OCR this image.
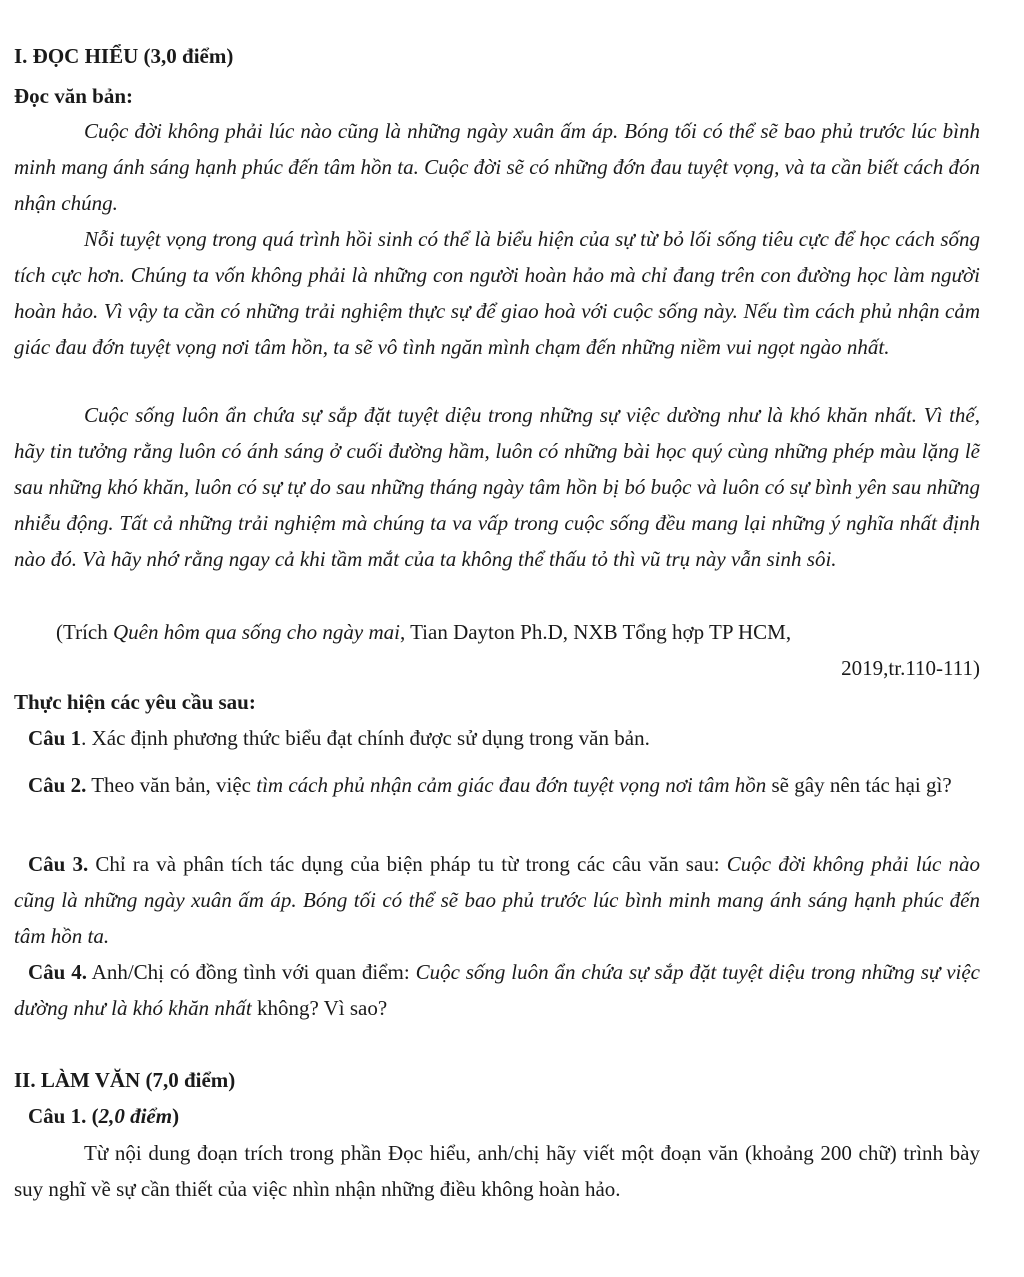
I. ĐỌC HIỂU (3,0 điểm)
Đọc văn bản:

Cuộc đời không phải lúc nào cũng là những ngày xuân ấm áp. Bóng tối có thể sẽ bao phủ trước lúc bình minh mang ánh sáng hạnh phúc đến tâm hồn ta. Cuộc đời sẽ có những đớn đau tuyệt vọng, và ta cần biết cách đón nhận chúng.

Nỗi tuyệt vọng trong quá trình hồi sinh có thể là biểu hiện của sự từ bỏ lối sống tiêu cực để học cách sống tích cực hơn. Chúng ta vốn không phải là những con người hoàn hảo mà chỉ đang trên con đường học làm người hoàn hảo. Vì vậy ta cần có những trải nghiệm thực sự để giao hoà với cuộc sống này. Nếu tìm cách phủ nhận cảm giác đau đớn tuyệt vọng nơi tâm hồn, ta sẽ vô tình ngăn mình chạm đến những niềm vui ngọt ngào nhất.

Cuộc sống luôn ẩn chứa sự sắp đặt tuyệt diệu trong những sự việc dường như là khó khăn nhất. Vì thế, hãy tin tưởng rằng luôn có ánh sáng ở cuối đường hầm, luôn có những bài học quý cùng những phép màu lặng lẽ sau những khó khăn, luôn có sự tự do sau những tháng ngày tâm hồn bị bó buộc và luôn có sự bình yên sau những nhiễu động. Tất cả những trải nghiệm mà chúng ta va vấp trong cuộc sống đều mang lại những ý nghĩa nhất định nào đó. Và hãy nhớ rằng ngay cả khi tầm mắt của ta không thể thấu tỏ thì vũ trụ này vẫn sinh sôi.

(Trích Quên hôm qua sống cho ngày mai, Tian Dayton Ph.D, NXB Tổng hợp TP HCM,
2019,tr.110-111)
Thực hiện các yêu cầu sau:
Câu 1. Xác định phương thức biểu đạt chính được sử dụng trong văn bản.
Câu 2. Theo văn bản, việc tìm cách phủ nhận cảm giác đau đớn tuyệt vọng nơi tâm hồn sẽ gây nên tác hại gì?
Câu 3. Chỉ ra và phân tích tác dụng của biện pháp tu từ trong các câu văn sau: Cuộc đời không phải lúc nào cũng là những ngày xuân ấm áp. Bóng tối có thể sẽ bao phủ trước lúc bình minh mang ánh sáng hạnh phúc đến tâm hồn ta.
Câu 4. Anh/Chị có đồng tình với quan điểm: Cuộc sống luôn ẩn chứa sự sắp đặt tuyệt diệu trong những sự việc dường như là khó khăn nhất không? Vì sao?
II. LÀM VĂN (7,0 điểm)
Câu 1. (2,0 điểm)

Từ nội dung đoạn trích trong phần Đọc hiểu, anh/chị hãy viết một đoạn văn (khoảng 200 chữ) trình bày suy nghĩ về sự cần thiết của việc nhìn nhận những điều không hoàn hảo.
